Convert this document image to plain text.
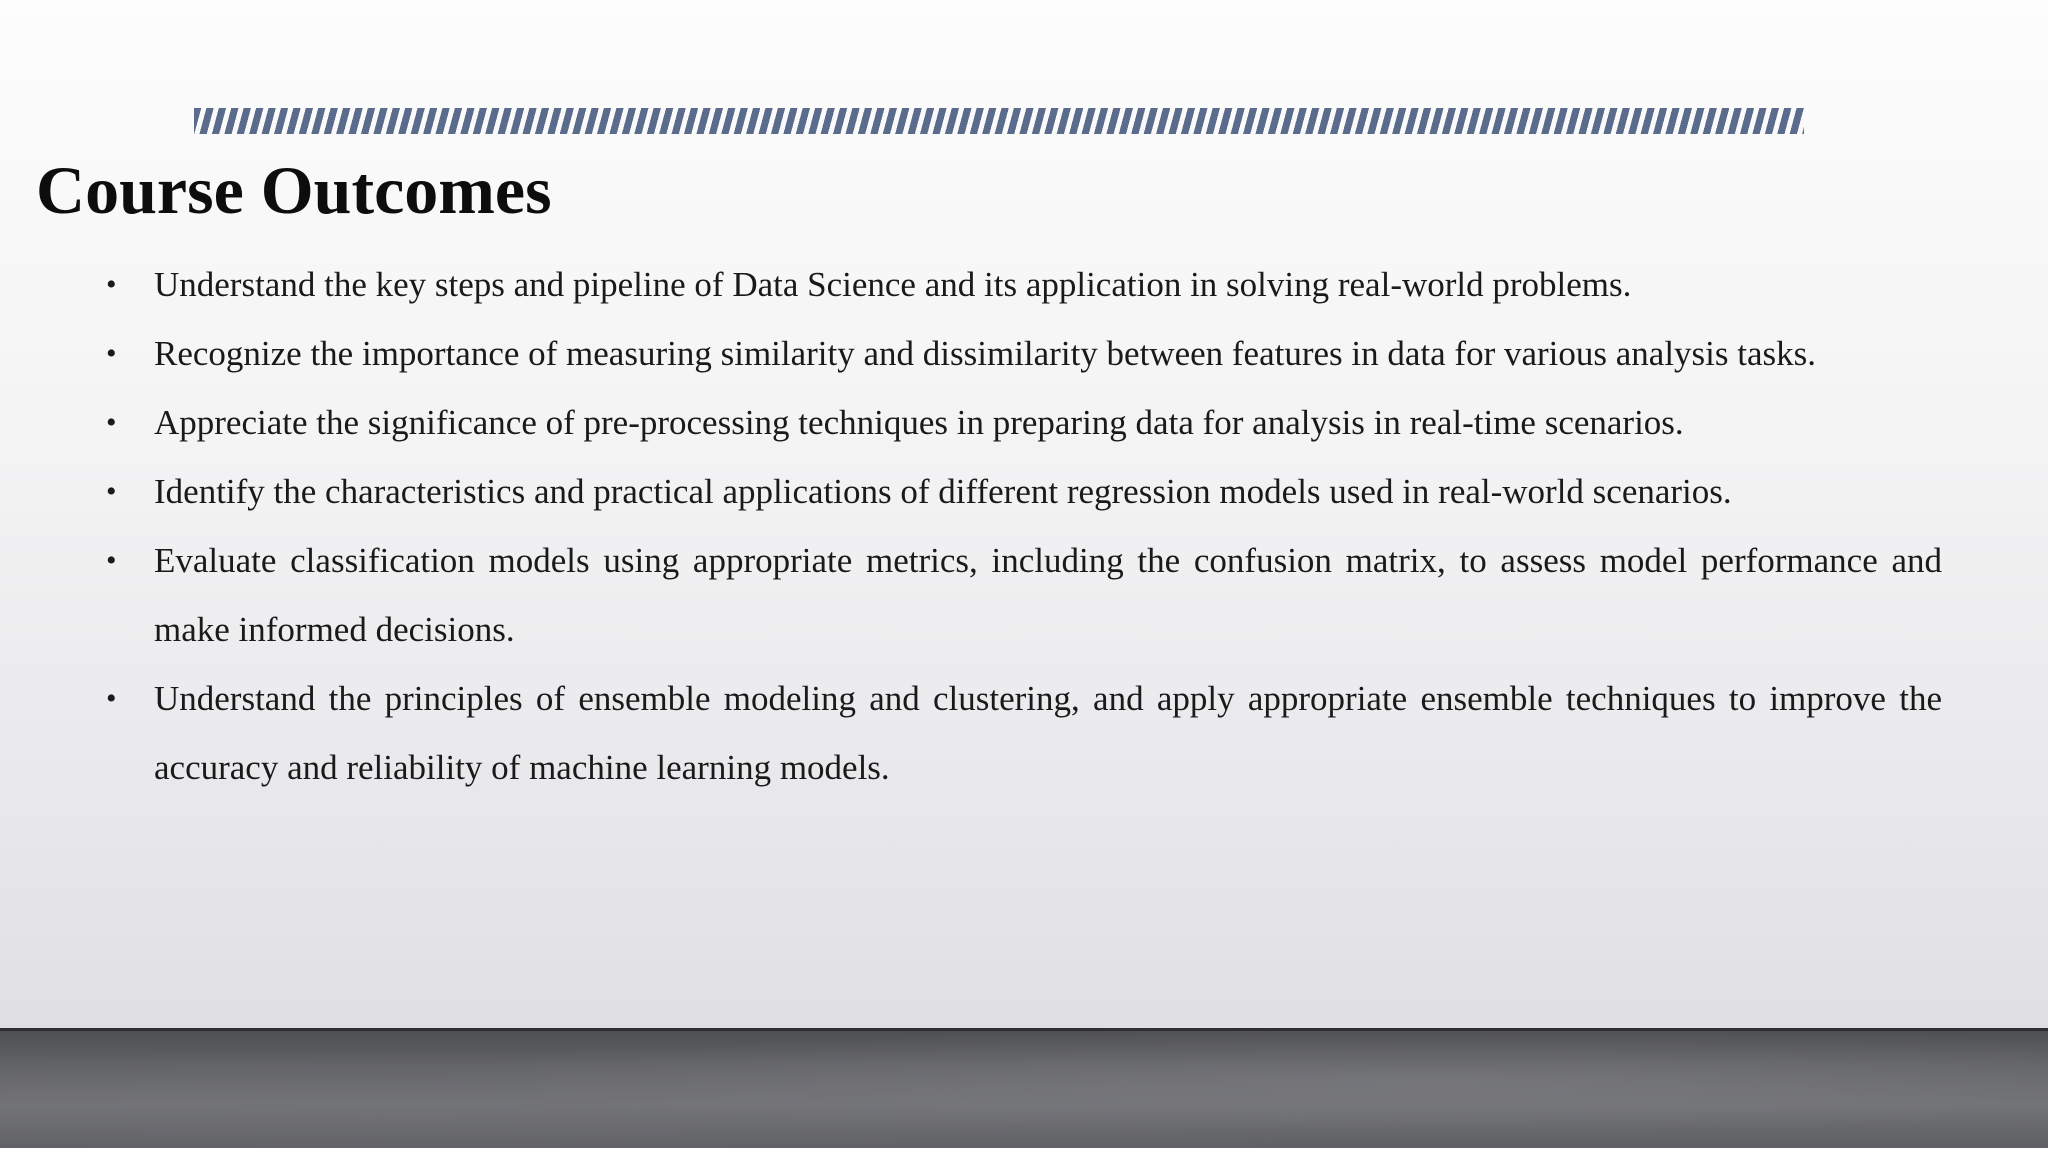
Course Outcomes
• Understand the key steps and pipeline of Data Science and its application in solving real-world problems.
• Recognize the importance of measuring similarity and dissimilarity between features in data for various analysis tasks.
• Appreciate the significance of pre-processing techniques in preparing data for analysis in real-time scenarios.
• Identify the characteristics and practical applications of different regression models used in real-world scenarios.
• Evaluate classification models using appropriate metrics, including the confusion matrix, to assess model performance and make informed decisions.
• Understand the principles of ensemble modeling and clustering, and apply appropriate ensemble techniques to improve the accuracy and reliability of machine learning models.
